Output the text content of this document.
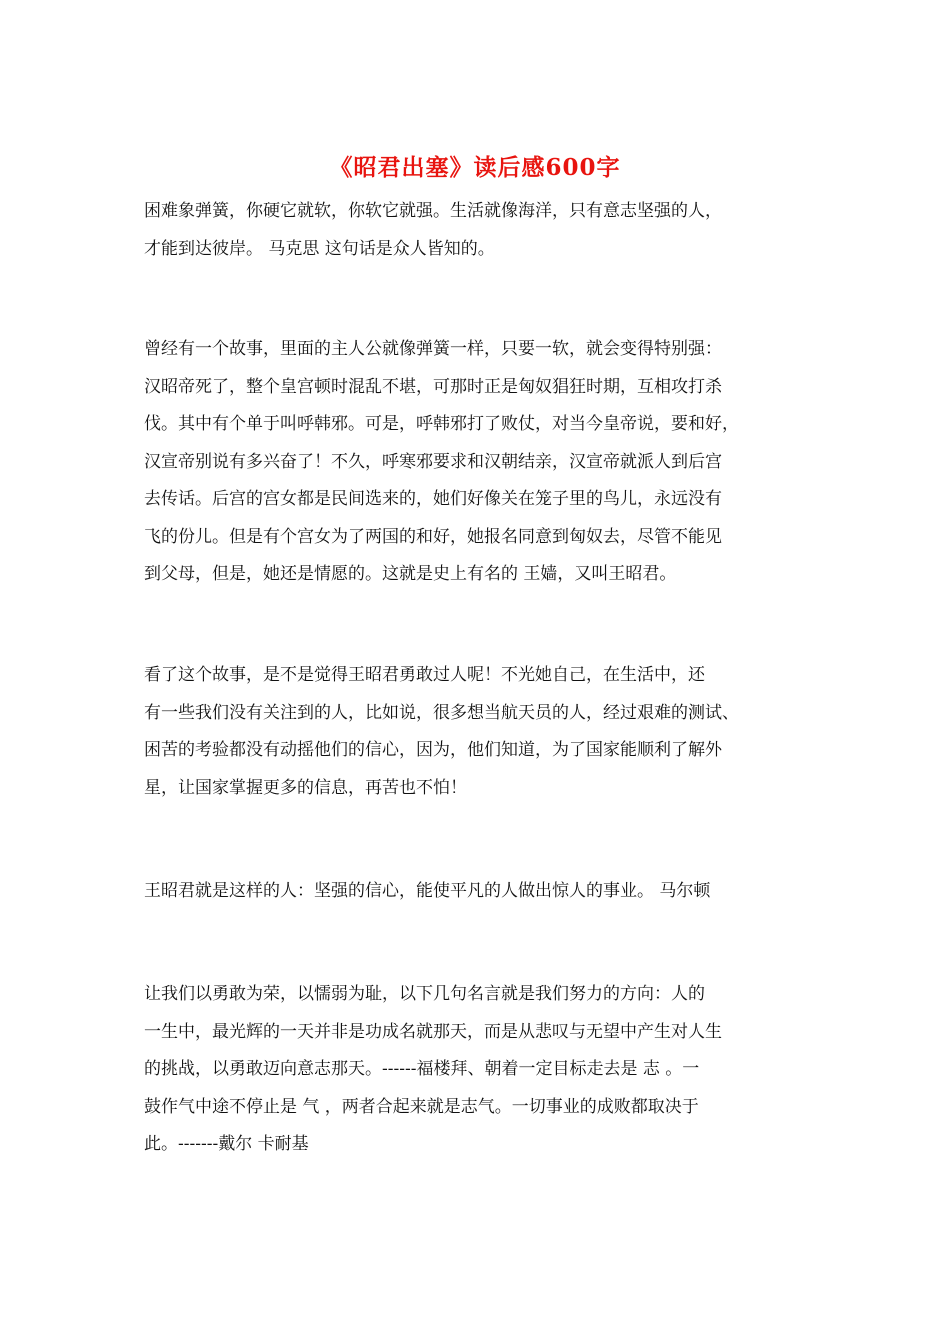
《昭君出塞》读后感600字
困难象弹簧，你硬它就软，你软它就强。生活就像海洋，只有意志坚强的人，
才能到达彼岸。 马克思 这句话是众人皆知的。
曾经有一个故事，里面的主人公就像弹簧一样，只要一软，就会变得特别强：
汉昭帝死了，整个皇宫顿时混乱不堪，可那时正是匈奴猖狂时期，互相攻打杀
伐。其中有个单于叫呼韩邪。可是，呼韩邪打了败仗，对当今皇帝说，要和好，
汉宣帝别说有多兴奋了！不久，呼寒邪要求和汉朝结亲，汉宣帝就派人到后宫
去传话。后宫的宫女都是民间选来的，她们好像关在笼子里的鸟儿，永远没有
飞的份儿。但是有个宫女为了两国的和好，她报名同意到匈奴去，尽管不能见
到父母，但是，她还是情愿的。这就是史上有名的 王嫱，又叫王昭君。
看了这个故事，是不是觉得王昭君勇敢过人呢！不光她自己，在生活中，还
有一些我们没有关注到的人，比如说，很多想当航天员的人，经过艰难的测试、
困苦的考验都没有动摇他们的信心，因为，他们知道，为了国家能顺利了解外
星，让国家掌握更多的信息，再苦也不怕！
王昭君就是这样的人：坚强的信心，能使平凡的人做出惊人的事业。 马尔顿
让我们以勇敢为荣，以懦弱为耻，以下几句名言就是我们努力的方向：人的
一生中，最光辉的一天并非是功成名就那天，而是从悲叹与无望中产生对人生
的挑战，以勇敢迈向意志那天。------福楼拜、朝着一定目标走去是 志 。一
鼓作气中途不停止是 气 ，两者合起来就是志气。一切事业的成败都取决于
此。-------戴尔 卡耐基
